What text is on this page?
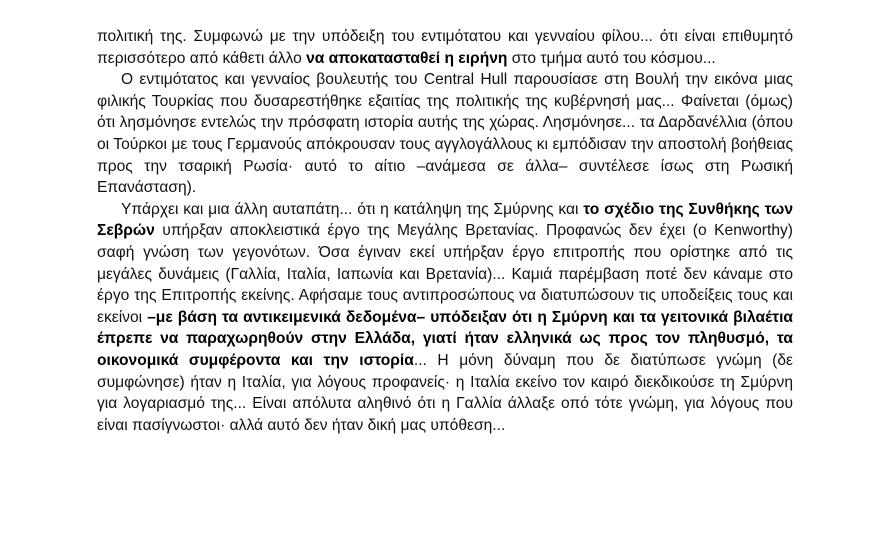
πολιτική της. Συμφωνώ με την υπόδειξη του εντιμότατου και γενναίου φίλου... ότι είναι επιθυμητό περισσότερο από κάθετι άλλο να αποκατασταθεί η ειρήνη στο τμήμα αυτό του κόσμου...

Ο εντιμότατος και γενναίος βουλευτής του Central Hull παρουσίασε στη Βουλή την εικόνα μιας φιλικής Τουρκίας που δυσαρεστήθηκε εξαιτίας της πολιτικής της κυβέρνησή μας... Φαίνεται (όμως) ότι λησμόνησε εντελώς την πρόσφατη ιστορία αυτής της χώρας. Λησμόνησε... τα Δαρδανέλλια (όπου οι Τούρκοι με τους Γερμανούς απόκρουσαν τους αγγλογάλλους κι εμπόδισαν την αποστολή βοήθειας προς την τσαρική Ρωσία· αυτό το αίτιο –ανάμεσα σε άλλα– συντέλεσε ίσως στη Ρωσική Επανάσταση).

Υπάρχει και μια άλλη αυταπάτη... ότι η κατάληψη της Σμύρνης και το σχέδιο της Συνθήκης των Σεβρών υπήρξαν αποκλειστικά έργο της Μεγάλης Βρετανίας. Προφανώς δεν έχει (ο Kenworthy) σαφή γνώση των γεγονότων. Όσα έγιναν εκεί υπήρξαν έργο επιτροπής που ορίστηκε από τις μεγάλες δυνάμεις (Γαλλία, Ιταλία, Ιαπωνία και Βρετανία)... Καμιά παρέμβαση ποτέ δεν κάναμε στο έργο της Επιτροπής εκείνης. Αφήσαμε τους αντιπροσώπους να διατυπώσουν τις υποδείξεις τους και εκείνοι –με βάση τα αντικειμενικά δεδομένα– υπόδειξαν ότι η Σμύρνη και τα γειτονικά βιλαέτια έπρεπε να παραχωρηθούν στην Ελλάδα, γιατί ήταν ελληνικά ως προς τον πληθυσμό, τα οικονομικά συμφέροντα και την ιστορία... Η μόνη δύναμη που δε διατύπωσε γνώμη (δε συμφώνησε) ήταν η Ιταλία, για λόγους προφανείς· η Ιταλία εκείνο τον καιρό διεκδικούσε τη Σμύρνη για λογαριασμό της... Είναι απόλυτα αληθινό ότι η Γαλλία άλλαξε οπό τότε γνώμη, για λόγους που είναι πασίγνωστοι· αλλά αυτό δεν ήταν δική μας υπόθεση...
